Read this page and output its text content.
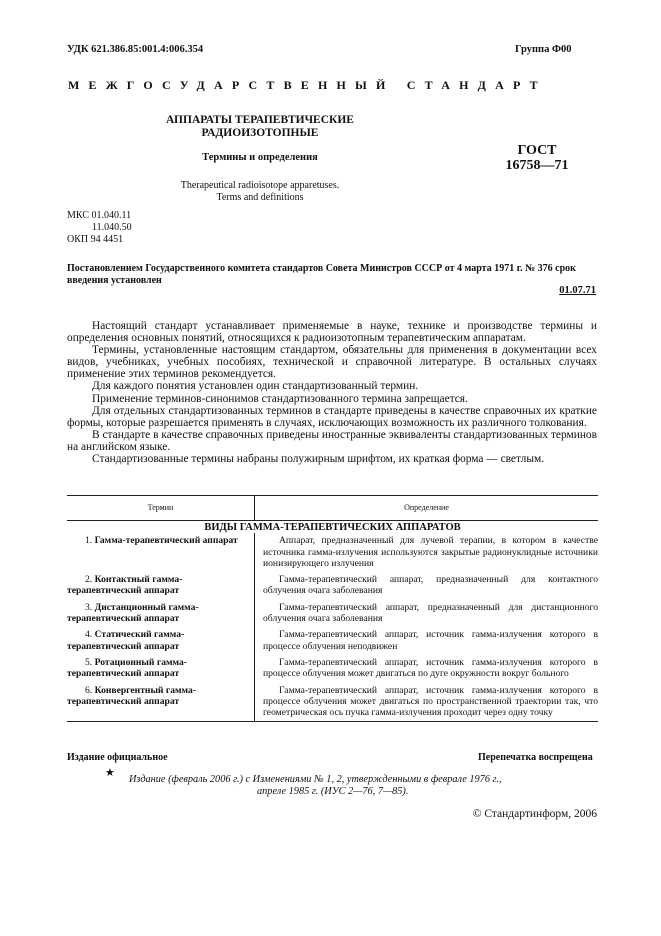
УДК 621.386.85:001.4:006.354	Группа Ф00
МЕЖГОСУДАРСТВЕННЫЙ СТАНДАРТ
АППАРАТЫ ТЕРАПЕВТИЧЕСКИЕ
РАДИОИЗОТОПНЫЕ
Термины и определения
Therapeutical radioisotope apparetuses.
Terms and definitions
ГОСТ
16758—71
МКС 01.040.11
11.040.50
ОКП 94 4451
Постановлением Государственного комитета стандартов Совета Министров СССР от 4 марта 1971 г. № 376 срок введения установлен
01.07.71

Настоящий стандарт устанавливает применяемые в науке, технике и производстве термины и определения основных понятий, относящихся к радиоизотопным терапевтическим аппаратам.

Термины, установленные настоящим стандартом, обязательны для применения в документации всех видов, учебниках, учебных пособиях, технической и справочной литературе. В остальных случаях применение этих терминов рекомендуется.

Для каждого понятия установлен один стандартизованный термин.

Применение терминов-синонимов стандартизованного термина запрещается.

Для отдельных стандартизованных терминов в стандарте приведены в качестве справочных их краткие формы, которые разрешается применять в случаях, исключающих возможность их различного толкования.

В стандарте в качестве справочных приведены иностранные эквиваленты стандартизованных терминов на английском языке.

Стандартизованные термины набраны полужирным шрифтом, их краткая форма — светлым.

Термин	Определение
ВИДЫ ГАММА-ТЕРАПЕВТИЧЕСКИХ АППАРАТОВ	
1. Гамма-терапевтический аппарат	Аппарат, предназначенный для лучевой терапии, в котором в качестве источника гамма-излучения используются закрытые радионуклидные источники ионизирующего излучения
2. Контактный гамма-терапевтический аппарат	Гамма-терапевтический аппарат, предназначенный для контактного облучения очага заболевания
3. Дистанционный гамма-терапевтический аппарат	Гамма-терапевтический аппарат, предназначенный для дистанционного облучения очага заболевания
4. Статический гамма-терапевтический аппарат	Гамма-терапевтический аппарат, источник гамма-излучения которого в процессе облучения неподвижен
5. Ротационный гамма-терапевтический аппарат	Гамма-терапевтический аппарат, источник гамма-излучения которого в процессе облучения может двигаться по дуге окружности вокруг больного
6. Конвергентный гамма-терапевтический аппарат	Гамма-терапевтический аппарат, источник гамма-излучения которого в процессе облучения может двигаться по пространственной траектории так, что геометрическая ось пучка гамма-излучения проходит через одну точку
Издание официальное	Перепечатка воспрещена
★
Издание (февраль 2006 г.) с Изменениями № 1, 2, утвержденными в феврале 1976 г.,
апреле 1985 г. (ИУС 2—76, 7—85).
© Стандартинформ, 2006
